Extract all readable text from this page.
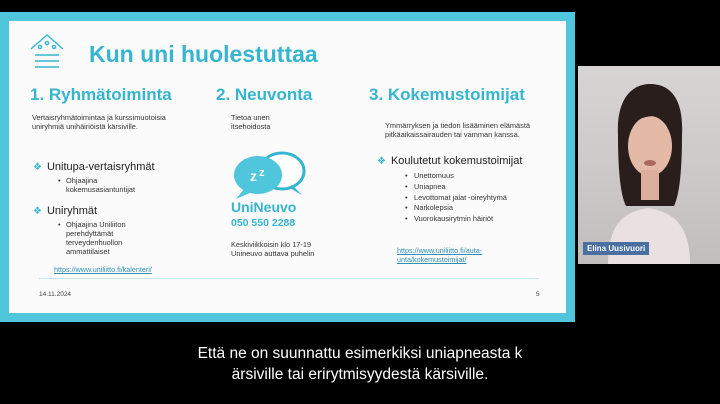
Kun uni huolestuttaa
1. Ryhmätoiminta
Vertaisryhmätoimintaa ja kurssimuotoisia uniryhmiä unihäiriöistä kärsiville.
❖ Unitupa-vertaisryhmät
• Ohjaajina kokemusasiantuntijat
❖ Uniryhmät
• Ohjaajina Uniliiton perehdyttämät terveydenhuollon ammattilaiset
https://www.uniliitto.fi/kalenteri/
2. Neuvonta
Tietoa unen itsehoidosta
z z
UniNeuvo
050 550 2288
Keskiviikkoisin klo 17-19 Unineuvo auttava puhelin
3. Kokemustoimijat
Ymmärryksen ja tiedon lisääminen elämästä pitkäaikaissairauden tai vamman kanssa.
❖ Koulutetut kokemustoimijat
• Unettomuus
• Uniapnea
• Levottomat jalat -oireyhtymä
• Narkolepsia
• Vuorokausirytmin häiriöt
https://www.uniliitto.fi/auta-unta/kokemustoimijat/
14.11.2024	5
Elina Uusivuori
Että ne on suunnattu esimerkiksi uniapneasta k
ärsiville tai erirytmisyydestä kärsiville.
